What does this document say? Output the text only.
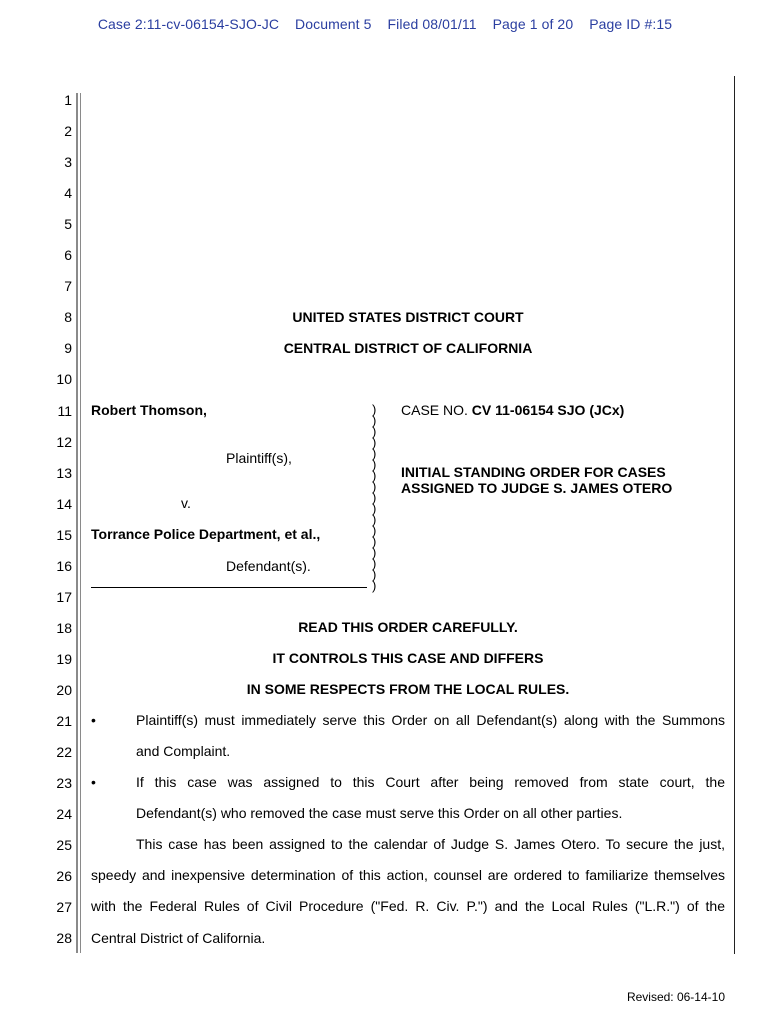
Case 2:11-cv-06154-SJO-JC Document 5 Filed 08/01/11 Page 1 of 20 Page ID #:15
1
2
3
4
5
6
7
8
9
10
11
12
13
14
15
16
17
18
19
20
21
22
23
24
25
26
27
28
UNITED STATES DISTRICT COURT
CENTRAL DISTRICT OF CALIFORNIA
Robert Thomson,
Plaintiff(s),
v.
Torrance Police Department, et al.,
Defendant(s).
)
)
)
)
)
)
)
)
)
)
)
)
)
)
)
)
)
CASE NO. CV 11-06154 SJO (JCx)
INITIAL STANDING ORDER FOR CASES
ASSIGNED TO JUDGE S. JAMES OTERO
READ THIS ORDER CAREFULLY.
IT CONTROLS THIS CASE AND DIFFERS
IN SOME RESPECTS FROM THE LOCAL RULES.
•	Plaintiff(s) must immediately serve this Order on all Defendant(s) along with the Summons
and Complaint.
•	If this case was assigned to this Court after being removed from state court, the
Defendant(s) who removed the case must serve this Order on all other parties.
This case has been assigned to the calendar of Judge S. James Otero. To secure the just,
speedy and inexpensive determination of this action, counsel are ordered to familiarize themselves
with the Federal Rules of Civil Procedure ("Fed. R. Civ. P.") and the Local Rules ("L.R.") of the
Central District of California.
Revised: 06-14-10
